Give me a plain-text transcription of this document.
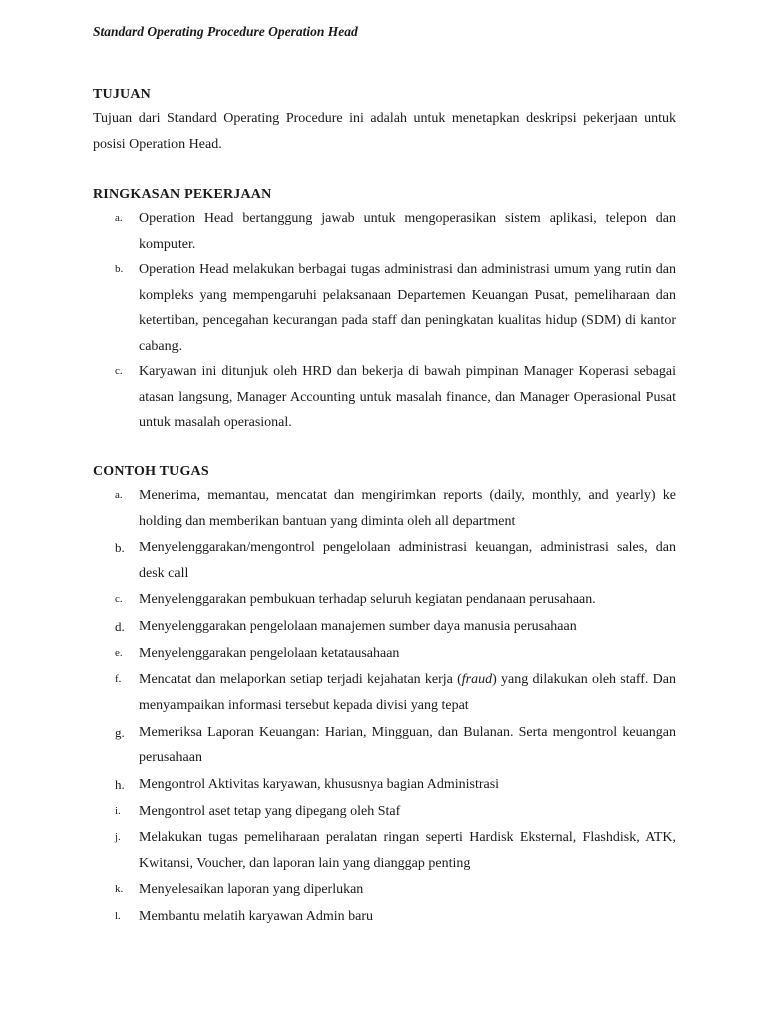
Standard Operating Procedure Operation Head

TUJUAN

Tujuan dari Standard Operating Procedure ini adalah untuk menetapkan deskripsi pekerjaan untuk posisi Operation Head.

RINGKASAN PEKERJAAN

a. Operation Head bertanggung jawab untuk mengoperasikan sistem aplikasi, telepon dan komputer.
b. Operation Head melakukan berbagai tugas administrasi dan administrasi umum yang rutin dan kompleks yang mempengaruhi pelaksanaan Departemen Keuangan Pusat, pemeliharaan dan ketertiban, pencegahan kecurangan pada staff dan peningkatan kualitas hidup (SDM) di kantor cabang.
c. Karyawan ini ditunjuk oleh HRD dan bekerja di bawah pimpinan Manager Koperasi sebagai atasan langsung, Manager Accounting untuk masalah finance, dan Manager Operasional Pusat untuk masalah operasional.

CONTOH TUGAS

a. Menerima, memantau, mencatat dan mengirimkan reports (daily, monthly, and yearly) ke holding dan memberikan bantuan yang diminta oleh all department
b. Menyelenggarakan/mengontrol pengelolaan administrasi keuangan, administrasi sales, dan desk call
c. Menyelenggarakan pembukuan terhadap seluruh kegiatan pendanaan perusahaan.
d. Menyelenggarakan pengelolaan manajemen sumber daya manusia perusahaan
e. Menyelenggarakan pengelolaan ketatausahaan
f. Mencatat dan melaporkan setiap terjadi kejahatan kerja (fraud) yang dilakukan oleh staff. Dan menyampaikan informasi tersebut kepada divisi yang tepat
g. Memeriksa Laporan Keuangan: Harian, Mingguan, dan Bulanan. Serta mengontrol keuangan perusahaan
h. Mengontrol Aktivitas karyawan, khususnya bagian Administrasi
i. Mengontrol aset tetap yang dipegang oleh Staf
j. Melakukan tugas pemeliharaan peralatan ringan seperti Hardisk Eksternal, Flashdisk, ATK, Kwitansi, Voucher, dan laporan lain yang dianggap penting
k. Menyelesaikan laporan yang diperlukan
l. Membantu melatih karyawan Admin baru
